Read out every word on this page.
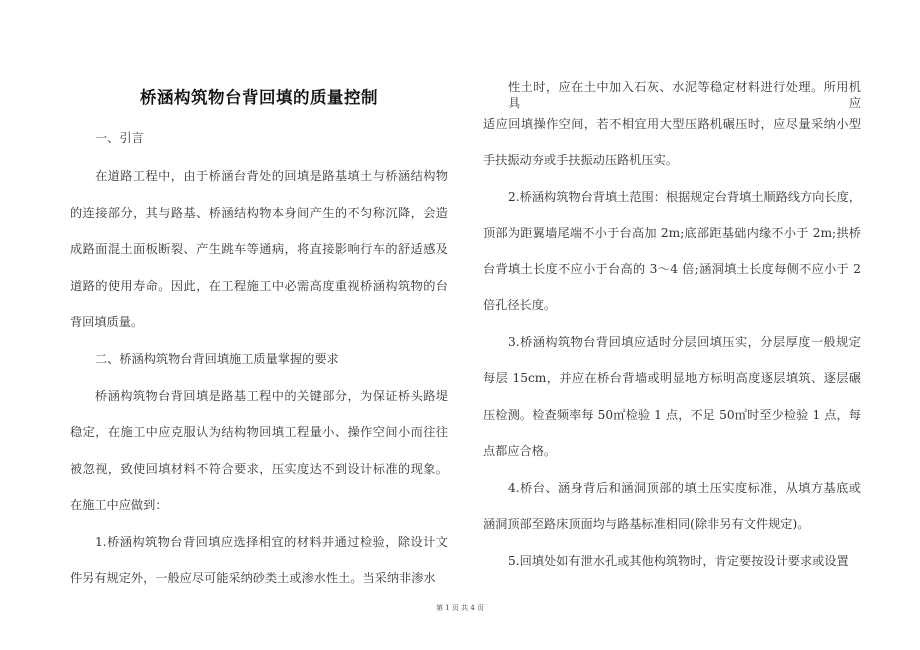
桥涵构筑物台背回填的质量控制
一、引言
在道路工程中，由于桥涵台背处的回填是路基填土与桥涵结构物
的连接部分，其与路基、桥涵结构物本身间产生的不匀称沉降，会造
成路面混土面板断裂、产生跳车等通病，将直接影响行车的舒适感及
道路的使用寿命。因此，在工程施工中必需高度重视桥涵构筑物的台
背回填质量。
二、桥涵构筑物台背回填施工质量掌握的要求
桥涵构筑物台背回填是路基工程中的关键部分，为保证桥头路堤
稳定，在施工中应克服认为结构物回填工程量小、操作空间小而往往
被忽视，致使回填材料不符合要求，压实度达不到设计标准的现象。
在施工中应做到：
1.桥涵构筑物台背回填应选择相宜的材料并通过检验，除设计文
件另有规定外，一般应尽可能采纳砂类土或渗水性土。当采纳非渗水
性土时，应在土中加入石灰、水泥等稳定材料进行处理。所用机具应
适应回填操作空间，若不相宜用大型压路机碾压时，应尽量采纳小型
手扶振动夯或手扶振动压路机压实。
2.桥涵构筑物台背填土范围：根据规定台背填土顺路线方向长度，
顶部为距翼墙尾端不小于台高加 2m;底部距基础内缘不小于 2m;拱桥
台背填土长度不应小于台高的 3～4 倍;涵洞填土长度每侧不应小于 2
倍孔径长度。
3.桥涵构筑物台背回填应适时分层回填压实，分层厚度一般规定
每层 15cm，并应在桥台背墙或明显地方标明高度逐层填筑、逐层碾
压检测。检查频率每 50㎡检验 1 点，不足 50㎡时至少检验 1 点，每
点都应合格。
4.桥台、涵身背后和涵洞顶部的填土压实度标准，从填方基底或
涵洞顶部至路床顶面均与路基标准相同(除非另有文件规定)。
5.回填处如有泄水孔或其他构筑物时，肯定要按设计要求或设置
第 1 页 共 4 页
